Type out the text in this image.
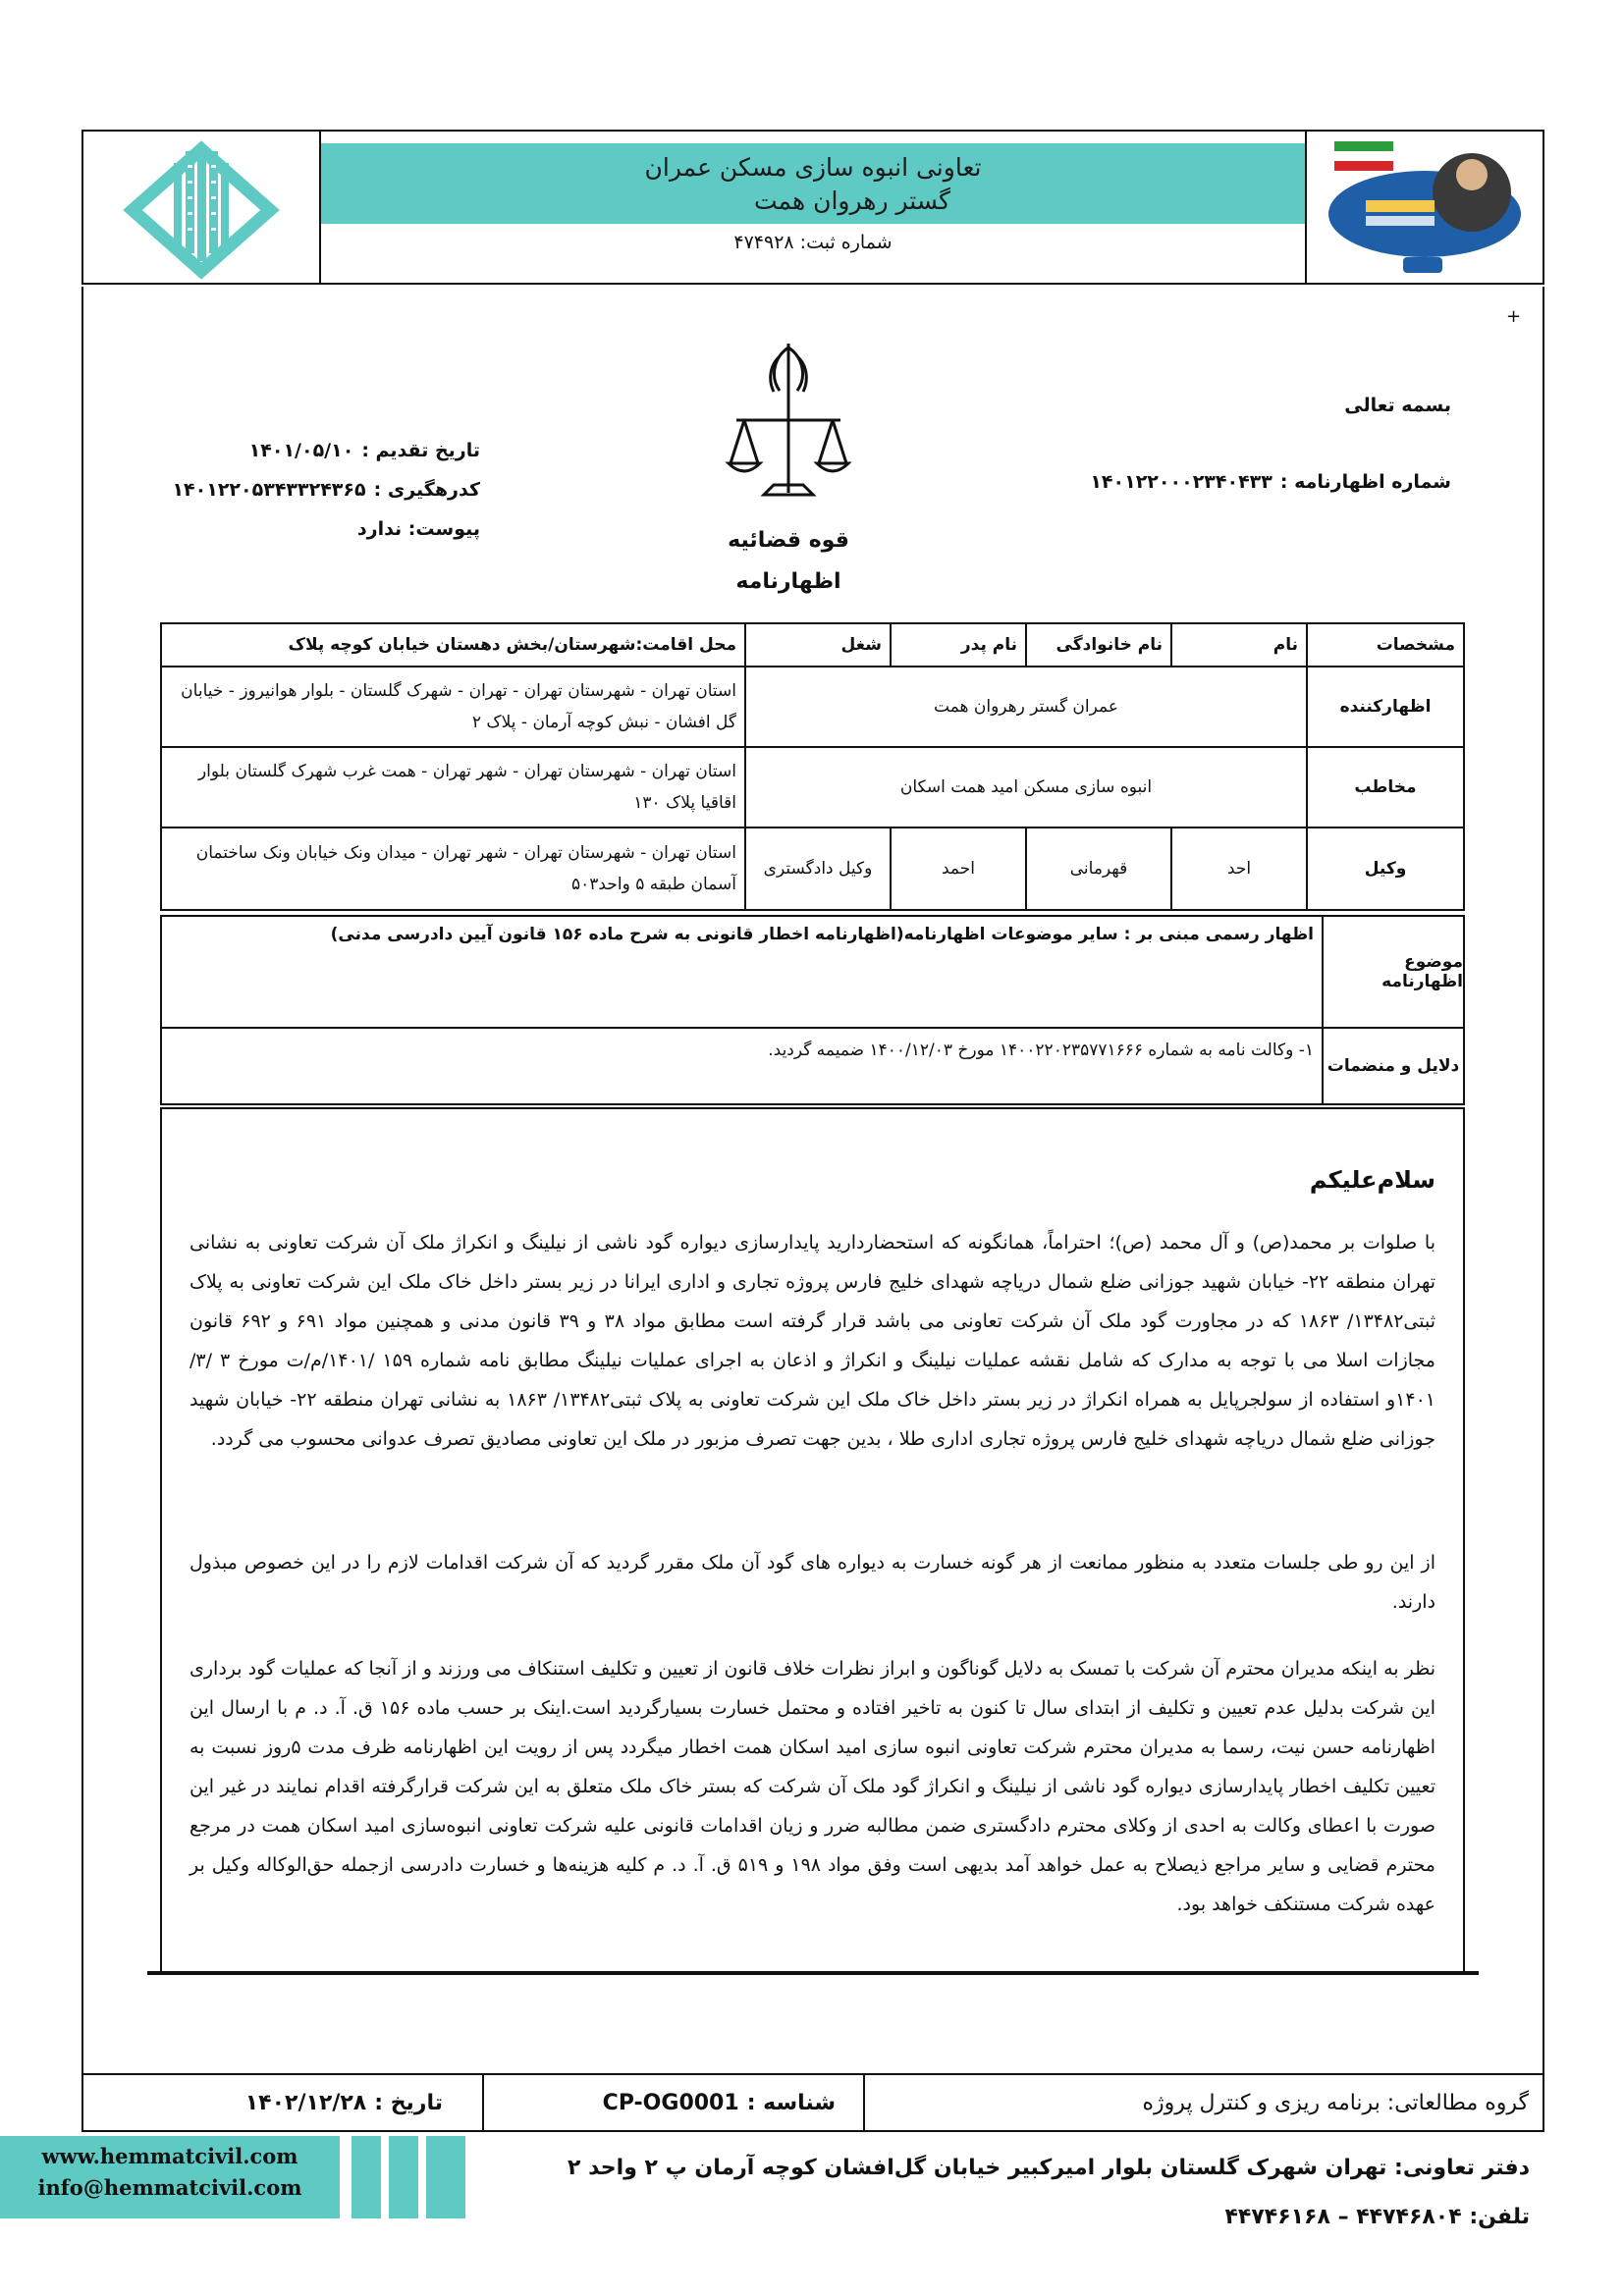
تعاونی انبوه سازی مسکن عمران
گستر رهروان همت
شماره ثبت: ۴۷۴۹۲۸
+
بسمه تعالی
شماره اظهارنامه :
۱۴۰۱۲۲۰۰۰۲۳۴۰۴۳۳
تاریخ تقدیم :
۱۴۰۱/۰۵/۱۰
کدرهگیری :
۱۴۰۱۲۲۰۵۳۴۳۳۲۴۳۶۵
پیوست: ندارد	قوه قضائیه
اظهارنامه
مشخصات	نام	نام خانوادگی	نام پدر	شغل	محل اقامت:شهرستان/بخش دهستان خیابان کوچه پلاک
اظهارکننده	عمران گستر رهروان همت				استان تهران - شهرستان تهران - تهران - شهرک گلستان - بلوار هوانیروز - خیابان گل افشان - نبش کوچه آرمان - پلاک ۲
مخاطب	انبوه سازی مسکن امید همت اسکان				استان تهران - شهرستان تهران - شهر تهران - همت غرب شهرک گلستان بلوار اقاقیا پلاک ۱۳۰
وکیل	احد	قهرمانی	احمد	وکیل دادگستری	استان تهران - شهرستان تهران - شهر تهران - میدان ونک خیابان ونک ساختمان آسمان طبقه ۵ واحد۵۰۳
موضوع اظهارنامه
اظهار رسمی مبنی بر : سایر موضوعات اظهارنامه(اظهارنامه اخطار قانونی به شرح ماده ۱۵۶ قانون آیین دادرسی مدنی)
دلایل و منضمات
۱- وکالت نامه به شماره ۱۴۰۰۲۲۰۲۳۵۷۷۱۶۶۶ مورخ ۱۴۰۰/۱۲/۰۳ ضمیمه گردید.

سلام‌علیکم

با صلوات بر محمد(ص) و آل محمد (ص)؛ احتراماً، همانگونه که استحضاردارید پایدارسازی دیواره گود ناشی از نیلینگ و انکراژ ملک آن شرکت تعاونی به نشانی تهران منطقه ۲۲- خیابان شهید جوزانی ضلع شمال دریاچه شهدای خلیج فارس پروژه تجاری و اداری ایرانا در زیر بستر داخل خاک ملک این شرکت تعاونی به پلاک ثبتی۱۳۴۸۲/ ۱۸۶۳ که در مجاورت گود ملک آن شرکت تعاونی می باشد قرار گرفته است مطابق مواد ۳۸ و ۳۹ قانون مدنی و همچنین مواد ۶۹۱ و ۶۹۲ قانون مجازات اسلا می با توجه به مدارک که شامل نقشه عملیات نیلینگ و انکراژ و اذعان به اجرای عملیات نیلینگ مطابق نامه شماره ۱۵۹ /۱۴۰۱/م/ت مورخ ۳ /۳/ ۱۴۰۱و استفاده از سولجرپایل به همراه انکراژ در زیر بستر داخل خاک ملک این شرکت تعاونی به پلاک ثبتی۱۳۴۸۲/ ۱۸۶۳ به نشانی تهران منطقه ۲۲- خیابان شهید جوزانی ضلع شمال دریاچه شهدای خلیج فارس پروژه تجاری اداری طلا ، بدین جهت تصرف مزبور در ملک این تعاونی مصادیق تصرف عدوانی محسوب می گردد.

از این رو طی جلسات متعدد به منظور ممانعت از هر گونه خسارت به دیواره های گود آن ملک مقرر گردید که آن شرکت اقدامات لازم را در این خصوص مبذول دارند.

نظر به اینکه مدیران محترم آن شرکت با تمسک به دلایل گوناگون و ابراز نظرات خلاف قانون از تعیین و تکلیف استنکاف می ورزند و از آنجا که عملیات گود برداری این شرکت بدلیل عدم تعیین و تکلیف از ابتدای سال تا کنون به تاخیر افتاده و محتمل خسارت بسیارگردید است.اینک بر حسب ماده ۱۵۶ ق. آ. د. م با ارسال این اظهارنامه حسن نیت، رسما به مدیران محترم شرکت تعاونی انبوه سازی امید اسکان همت اخطار میگردد پس از رویت این اظهارنامه ظرف مدت ۵روز نسبت به تعیین تکلیف اخطار پایدارسازی دیواره گود ناشی از نیلینگ و انکراژ گود ملک آن شرکت که بستر خاک ملک متعلق به این شرکت قرارگرفته اقدام نمایند در غیر این صورت با اعطای وکالت به احدی از وکلای محترم دادگستری ضمن مطالبه ضرر و زیان اقدامات قانونی علیه شرکت تعاونی انبوه‌سازی امید اسکان همت در مرجع محترم قضایی و سایر مراجع ذیصلاح به عمل خواهد آمد بدیهی است وفق مواد ۱۹۸ و ۵۱۹ ق. آ. د. م کلیه هزینه‌ها و خسارت دادرسی ازجمله حق‌الوکاله وکیل بر عهده شرکت مستنکف خواهد بود.

گروه مطالعاتی: برنامه ریزی و کنترل پروژه
شناسه :
CP-OG0001
تاریخ :
۱۴۰۲/۱۲/۲۸
www.hemmatcivil.com
info@hemmatcivil.com
دفتر تعاونی: تهران شهرک گلستان بلوار امیرکبیر خیابان گل‌افشان کوچه آرمان پ ۲ واحد ۲
تلفن: ۴۴۷۴۶۸۰۴ – ۴۴۷۴۶۱۶۸
